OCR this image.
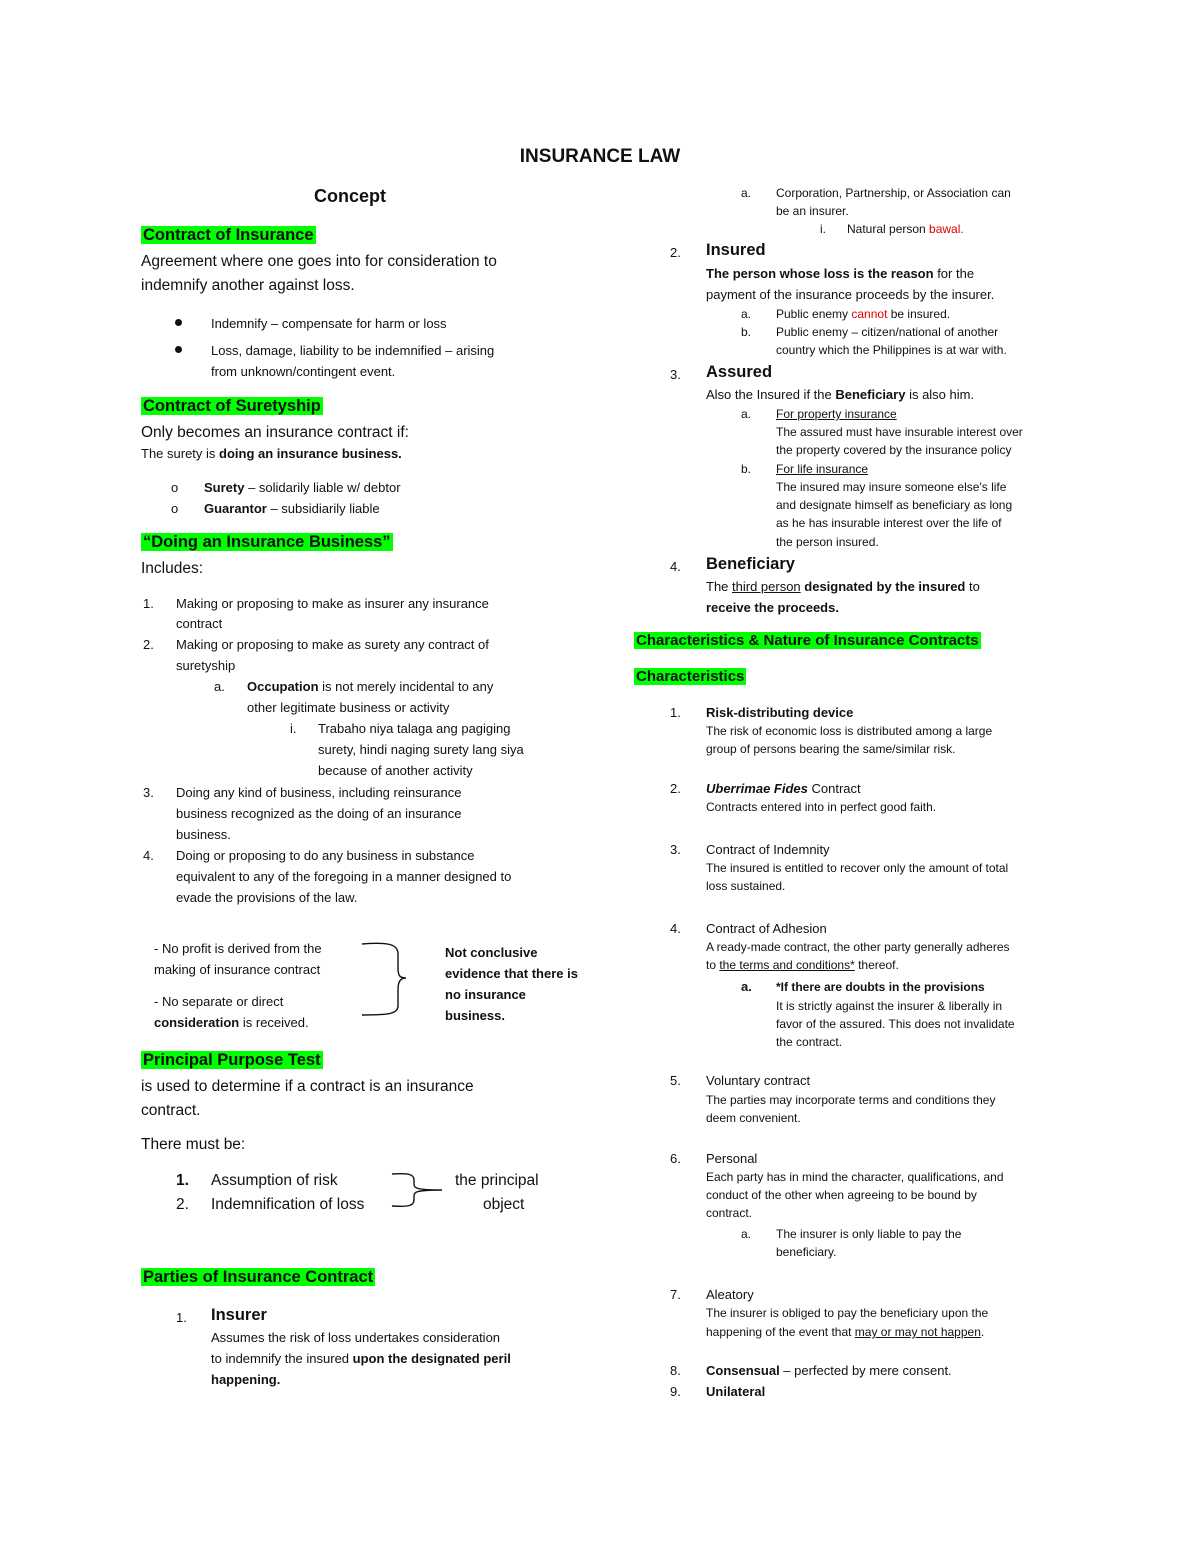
INSURANCE LAW
Concept
Contract of Insurance
Agreement where one goes into for consideration to
indemnify another against loss.
Indemnify – compensate for harm or loss
Loss, damage, liability to be indemnified – arising
from unknown/contingent event.
Contract of Suretyship
Only becomes an insurance contract if:
The surety is doing an insurance business.
o Surety – solidarily liable w/ debtor
o Guarantor – subsidiarily liable
“Doing an Insurance Business”
Includes:
1. Making or proposing to make as insurer any insurance
contract
2. Making or proposing to make as surety any contract of
suretyship
a. Occupation is not merely incidental to any
other legitimate business or activity
i. Trabaho niya talaga ang pagiging
surety, hindi naging surety lang siya
because of another activity
3. Doing any kind of business, including reinsurance
business recognized as the doing of an insurance
business.
4. Doing or proposing to do any business in substance
equivalent to any of the foregoing in a manner designed to
evade the provisions of the law.
- No profit is derived from the
making of insurance contract
- No separate or direct
consideration is received.
Not conclusive
evidence that there is
no insurance
business.
Principal Purpose Test
is used to determine if a contract is an insurance
contract.
There must be:
1. Assumption of risk
2. Indemnification of loss
the principal
object
Parties of Insurance Contract
1. Insurer
Assumes the risk of loss undertakes consideration
to indemnify the insured upon the designated peril
happening.
a. Corporation, Partnership, or Association can
be an insurer.
i. Natural person bawal.
2. Insured
The person whose loss is the reason for the
payment of the insurance proceeds by the insurer.
a. Public enemy cannot be insured.
b. Public enemy – citizen/national of another
country which the Philippines is at war with.
3. Assured
Also the Insured if the Beneficiary is also him.
a. For property insurance
The assured must have insurable interest over
the property covered by the insurance policy
b. For life insurance
The insured may insure someone else's life
and designate himself as beneficiary as long
as he has insurable interest over the life of
the person insured.
4. Beneficiary
The third person designated by the insured to
receive the proceeds.
Characteristics & Nature of Insurance Contracts
Characteristics
1. Risk-distributing device
The risk of economic loss is distributed among a large
group of persons bearing the same/similar risk.
2. Uberrimae Fides Contract
Contracts entered into in perfect good faith.
3. Contract of Indemnity
The insured is entitled to recover only the amount of total
loss sustained.
4. Contract of Adhesion
A ready-made contract, the other party generally adheres
to the terms and conditions* thereof.
a. *If there are doubts in the provisions
It is strictly against the insurer & liberally in
favor of the assured. This does not invalidate
the contract.
5. Voluntary contract
The parties may incorporate terms and conditions they
deem convenient.
6. Personal
Each party has in mind the character, qualifications, and
conduct of the other when agreeing to be bound by
contract.
a. The insurer is only liable to pay the
beneficiary.
7. Aleatory
The insurer is obliged to pay the beneficiary upon the
happening of the event that may or may not happen.
8. Consensual – perfected by mere consent.
9. Unilateral
